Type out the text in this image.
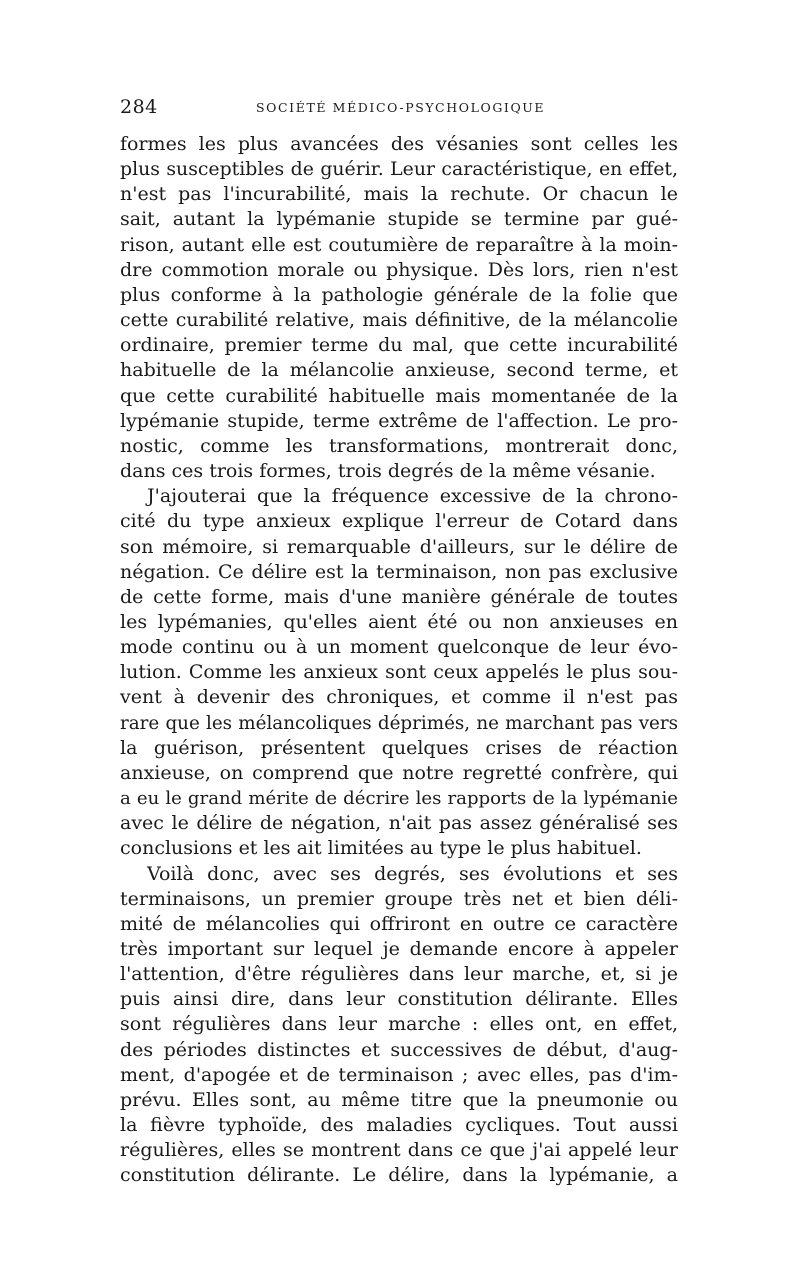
284	SOCIÉTÉ MÉDICO-PSYCHOLOGIQUE
formes les plus avancées des vésanies sont celles les
plus susceptibles de guérir. Leur caractéristique, en effet,
n'est pas l'incurabilité, mais la rechute. Or chacun le
sait, autant la lypémanie stupide se termine par gué-
rison, autant elle est coutumière de reparaître à la moin-
dre commotion morale ou physique. Dès lors, rien n'est
plus conforme à la pathologie générale de la folie que
cette curabilité relative, mais définitive, de la mélancolie
ordinaire, premier terme du mal, que cette incurabilité
habituelle de la mélancolie anxieuse, second terme, et
que cette curabilité habituelle mais momentanée de la
lypémanie stupide, terme extrême de l'affection. Le pro-
nostic, comme les transformations, montrerait donc,
dans ces trois formes, trois degrés de la même vésanie.
J'ajouterai que la fréquence excessive de la chrono-
cité du type anxieux explique l'erreur de Cotard dans
son mémoire, si remarquable d'ailleurs, sur le délire de
négation. Ce délire est la terminaison, non pas exclusive
de cette forme, mais d'une manière générale de toutes
les lypémanies, qu'elles aient été ou non anxieuses en
mode continu ou à un moment quelconque de leur évo-
lution. Comme les anxieux sont ceux appelés le plus sou-
vent à devenir des chroniques, et comme il n'est pas
rare que les mélancoliques déprimés, ne marchant pas vers
la guérison, présentent quelques crises de réaction
anxieuse, on comprend que notre regretté confrère, qui
a eu le grand mérite de décrire les rapports de la lypémanie
avec le délire de négation, n'ait pas assez généralisé ses
conclusions et les ait limitées au type le plus habituel.
Voilà donc, avec ses degrés, ses évolutions et ses
terminaisons, un premier groupe très net et bien déli-
mité de mélancolies qui offriront en outre ce caractère
très important sur lequel je demande encore à appeler
l'attention, d'être régulières dans leur marche, et, si je
puis ainsi dire, dans leur constitution délirante. Elles
sont régulières dans leur marche : elles ont, en effet,
des périodes distinctes et successives de début, d'aug-
ment, d'apogée et de terminaison ; avec elles, pas d'im-
prévu. Elles sont, au même titre que la pneumonie ou
la fièvre typhoïde, des maladies cycliques. Tout aussi
régulières, elles se montrent dans ce que j'ai appelé leur
constitution délirante. Le délire, dans la lypémanie, a
